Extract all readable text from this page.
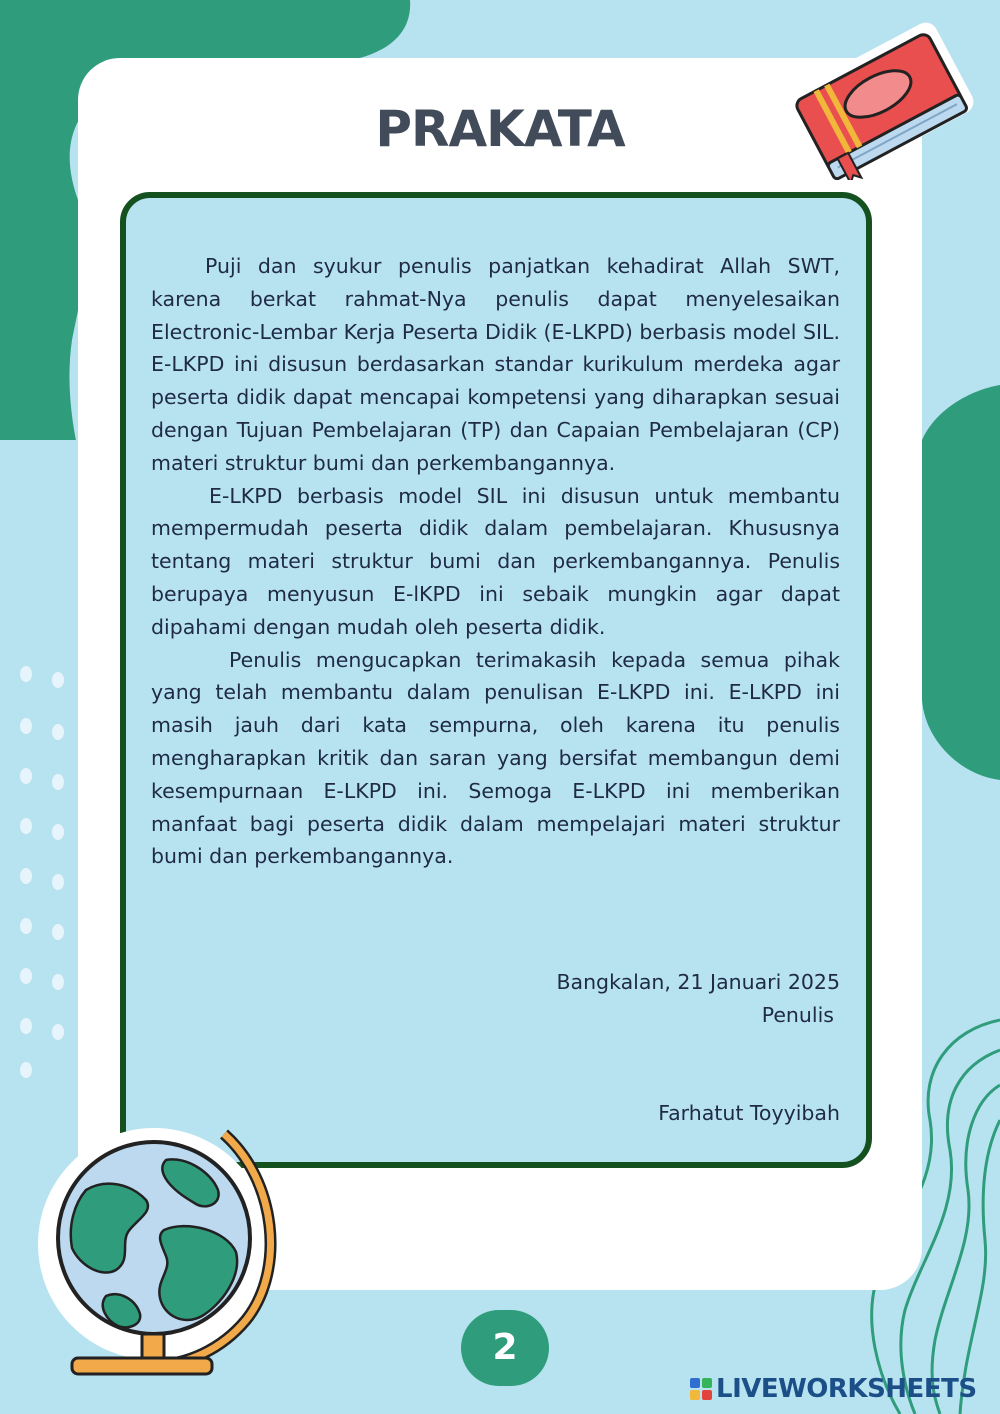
PRAKATA

Puji dan syukur penulis panjatkan kehadirat Allah SWT, karena berkat rahmat-Nya penulis dapat menyelesaikan Electronic-Lembar Kerja Peserta Didik (E-LKPD) berbasis model SIL. E-LKPD ini disusun berdasarkan standar kurikulum merdeka agar peserta didik dapat mencapai kompetensi yang diharapkan sesuai dengan Tujuan Pembelajaran (TP) dan Capaian Pembelajaran (CP) materi struktur bumi dan perkembangannya.

E-LKPD berbasis model SIL ini disusun untuk membantu mempermudah peserta didik dalam pembelajaran. Khususnya tentang materi struktur bumi dan perkembangannya. Penulis berupaya menyusun E-lKPD ini sebaik mungkin agar dapat dipahami dengan mudah oleh peserta didik.

Penulis mengucapkan terimakasih kepada semua pihak yang telah membantu dalam penulisan E-LKPD ini. E-LKPD ini masih jauh dari kata sempurna, oleh karena itu penulis mengharapkan kritik dan saran yang bersifat membangun demi kesempurnaan E-LKPD ini. Semoga E-LKPD ini memberikan manfaat bagi peserta didik dalam mempelajari materi struktur bumi dan perkembangannya.

Bangkalan, 21 Januari 2025
Penulis
Farhatut Toyyibah
2
LIVEWORKSHEETS
